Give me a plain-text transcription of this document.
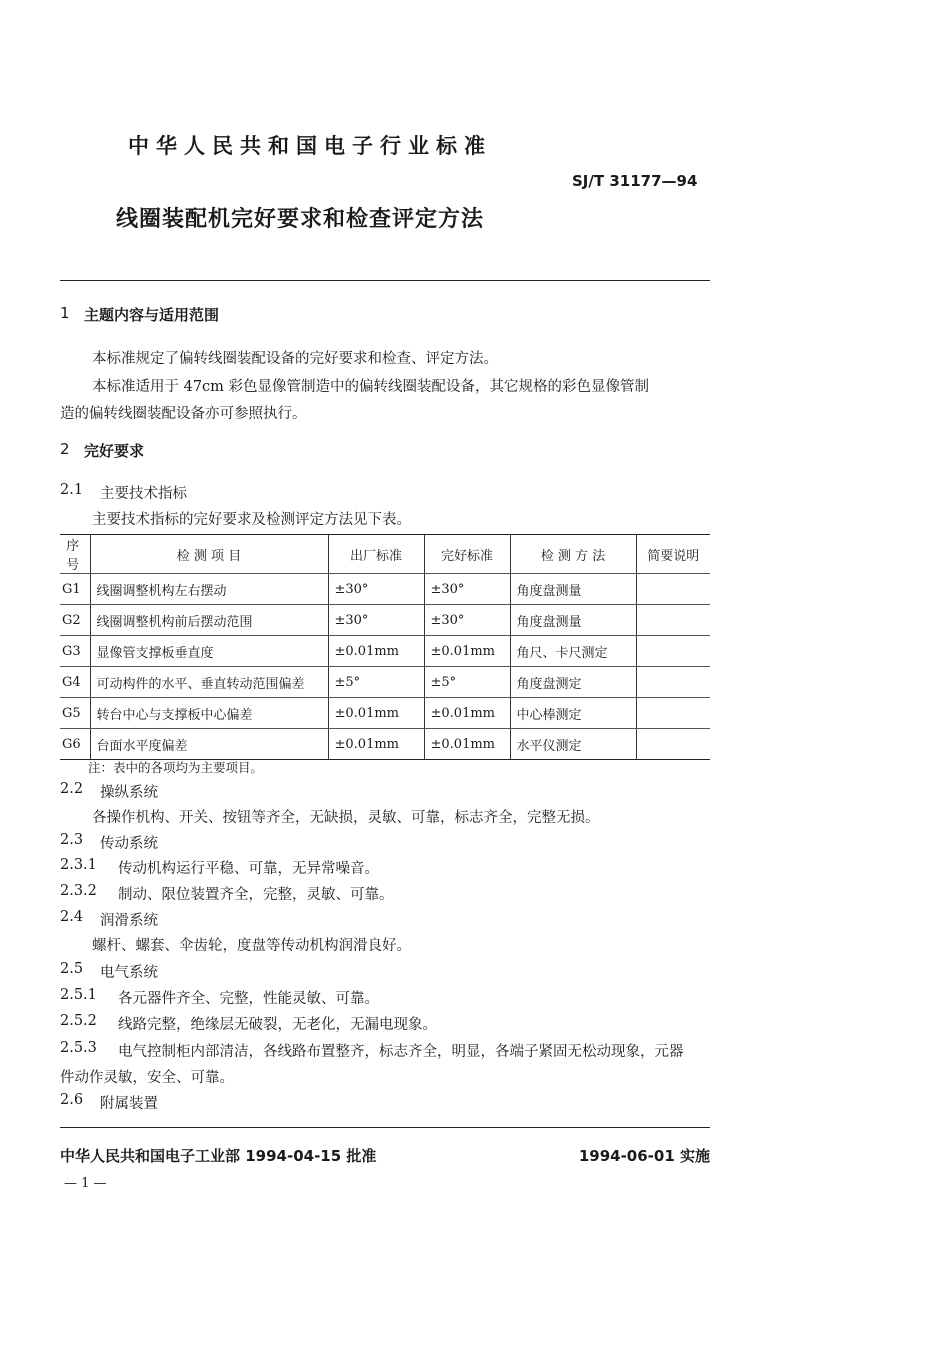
中华人民共和国电子行业标准
SJ/T 31177—94
线圈装配机完好要求和检查评定方法
1 主题内容与适用范围
本标准规定了偏转线圈装配设备的完好要求和检查、评定方法。
本标准适用于 47cm 彩色显像管制造中的偏转线圈装配设备，其它规格的彩色显像管制
造的偏转线圈装配设备亦可参照执行。
2 完好要求
2.1 主要技术指标
主要技术指标的完好要求及检测评定方法见下表。
序号	检 测 项 目	出厂标准	完好标准	检 测 方 法	简要说明
G1	线圈调整机构左右摆动	±30°	±30°	角度盘测量	
G2	线圈调整机构前后摆动范围	±30°	±30°	角度盘测量	
G3	显像管支撑板垂直度	±0.01mm	±0.01mm	角尺、卡尺测定	
G4	可动构件的水平、垂直转动范围偏差	±5°	±5°	角度盘测定	
G5	转台中心与支撑板中心偏差	±0.01mm	±0.01mm	中心棒测定	
G6	台面水平度偏差	±0.01mm	±0.01mm	水平仪测定	
注：表中的各项均为主要项目。
2.2 操纵系统
各操作机构、开关、按钮等齐全，无缺损，灵敏、可靠，标志齐全，完整无损。
2.3 传动系统
2.3.1 传动机构运行平稳、可靠，无异常噪音。
2.3.2 制动、限位装置齐全，完整，灵敏、可靠。
2.4 润滑系统
螺杆、螺套、伞齿轮，度盘等传动机构润滑良好。
2.5 电气系统
2.5.1 各元器件齐全、完整，性能灵敏、可靠。
2.5.2 线路完整，绝缘层无破裂，无老化，无漏电现象。
2.5.3 电气控制柜内部清洁，各线路布置整齐，标志齐全，明显，各端子紧固无松动现象，元器
件动作灵敏，安全、可靠。
2.6 附属装置
中华人民共和国电子工业部 1994-04-15 批准	1994-06-01 实施
— 1 —
